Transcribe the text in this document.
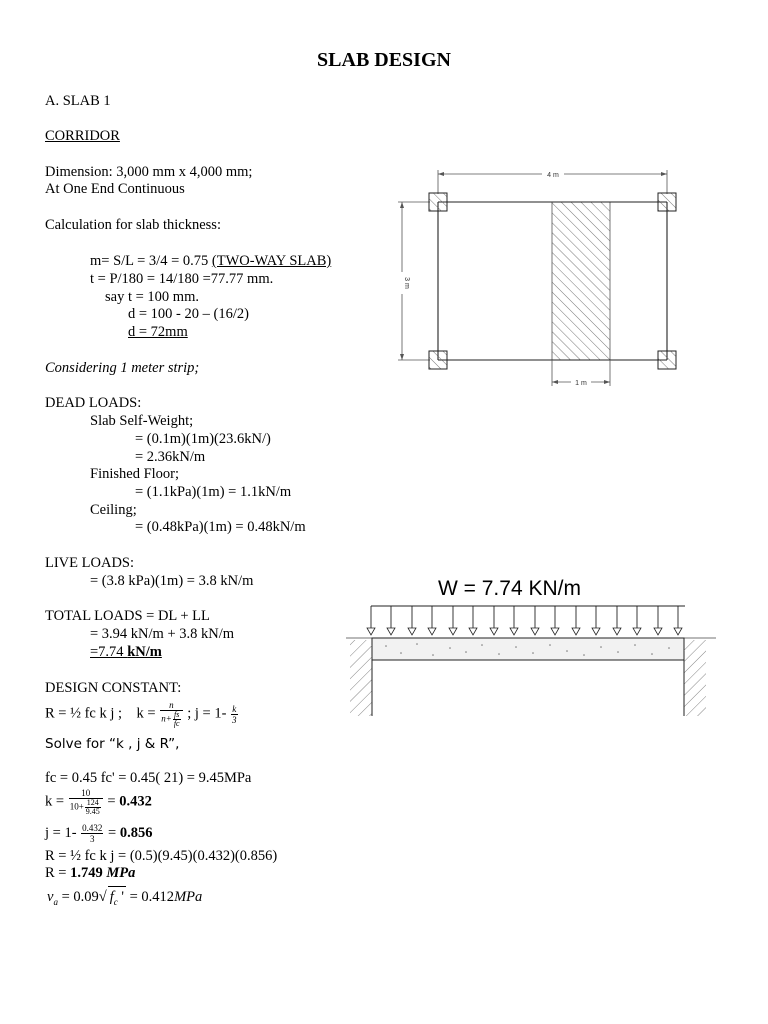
SLAB DESIGN
A. SLAB 1
CORRIDOR
Dimension: 3,000 mm x 4,000 mm;
At One End Continuous
Calculation for slab thickness:
m= S/L = 3/4 = 0.75 (TWO-WAY SLAB)
t = P/180 = 14/180 =77.77 mm.
say t = 100 mm.
d = 100 - 20 – (16/2)
d = 72mm
Considering 1 meter strip;
DEAD LOADS:
Slab Self-Weight;
= (0.1m)(1m)(23.6kN/)
= 2.36kN/m
Finished Floor;
= (1.1kPa)(1m) = 1.1kN/m
Ceiling;
= (0.48kPa)(1m) = 0.48kN/m
LIVE LOADS:
= (3.8 kPa)(1m) = 3.8 kN/m
TOTAL LOADS = DL + LL
= 3.94 kN/m + 3.8 kN/m
=7.74 kN/m
DESIGN CONSTANT:
R = ½ fc k j ; $k = \frac{n}{n+ \frac{fs}{fc}}$ ; $j = 1- \frac{k}{3}$
Solve for “k , j & R”,
fc = 0.45 fc' = 0.45( 21) = 9.45MPa
$k = \frac{10}{10+ \frac{124}{9.45}} = 0.432$
$j = 1- \frac{0.432}{3} = 0.856$
R = ½ fc k j = (0.5)(9.45)(0.432)(0.856)
R = 1.749 MPa
$v_a = 0.09√$ $f_c$ ' = 0.412MPa
4 m
3 m
1 m
W = 7.74 KN/m
